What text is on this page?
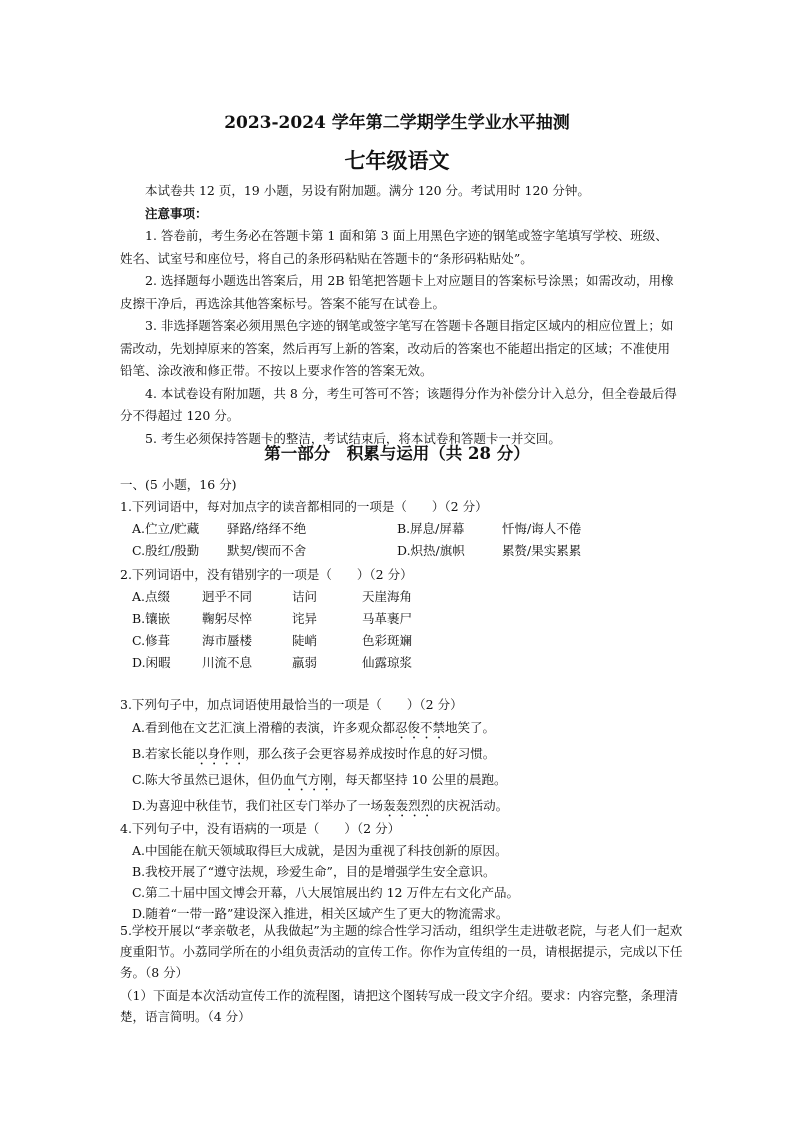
2023-2024 学年第二学期学生学业水平抽测
七年级语文

本试卷共 12 页，19 小题，另设有附加题。满分 120 分。考试用时 120 分钟。

注意事项：

1. 答卷前，考生务必在答题卡第 1 面和第 3 面上用黑色字迹的钢笔或签字笔填写学校、班级、姓名、试室号和座位号，将自己的条形码粘贴在答题卡的“条形码粘贴处”。

2. 选择题每小题选出答案后，用 2B 铅笔把答题卡上对应题目的答案标号涂黑；如需改动，用橡皮擦干净后，再选涂其他答案标号。答案不能写在试卷上。

3. 非选择题答案必须用黑色字迹的钢笔或签字笔写在答题卡各题目指定区域内的相应位置上；如需改动，先划掉原来的答案，然后再写上新的答案，改动后的答案也不能超出指定的区域；不准使用铅笔、涂改液和修正带。不按以上要求作答的答案无效。

4. 本试卷设有附加题，共 8 分，考生可答可不答；该题得分作为补偿分计入总分，但全卷最后得分不得超过 120 分。

5. 考生必须保持答题卡的整洁，考试结束后，将本试卷和答题卡一并交回。

第一部分　积累与运用（共 28 分）
一、(5 小题，16 分)
1.下列词语中，每对加点字的读音都相同的一项是（　　）（2 分）
A.伫立/贮藏 驿路/络绎不绝	B.屏息/屏幕	忏悔/诲人不倦
C.殷红/殷勤 默契/锲而不舍	D.炽热/旗帜	累赘/果实累累
2.下列词语中，没有错别字的一项是（　　）（2 分）
A.点缀	迥乎不同	诘问	天崖海角
B.镶嵌	鞠躬尽悴	诧异	马革裹尸
C.修葺	海市蜃楼	陡峭	色彩斑斓
D.闲暇	川流不息	羸弱	仙露琼浆
3.下列句子中，加点词语使用最恰当的一项是（　　）（2 分）
A.看到他在文艺汇演上滑稽的表演，许多观众都忍俊不禁地笑了。
B.若家长能以身作则，那么孩子会更容易养成按时作息的好习惯。
C.陈大爷虽然已退休，但仍血气方刚，每天都坚持 10 公里的晨跑。
D.为喜迎中秋佳节，我们社区专门举办了一场轰轰烈烈的庆祝活动。
4.下列句子中，没有语病的一项是（　　）（2 分）
A.中国能在航天领域取得巨大成就，是因为重视了科技创新的原因。
B.我校开展了“遵守法规，珍爱生命”，目的是增强学生安全意识。
C.第二十届中国文博会开幕，八大展馆展出约 12 万件左右文化产品。
D.随着“一带一路”建设深入推进，相关区域产生了更大的物流需求。
5.学校开展以“孝亲敬老，从我做起”为主题的综合性学习活动，组织学生走进敬老院，与老人们一起欢度重阳节。小荔同学所在的小组负责活动的宣传工作。你作为宣传组的一员，请根据提示，完成以下任务。（8 分）
（1）下面是本次活动宣传工作的流程图，请把这个图转写成一段文字介绍。要求：内容完整，条理清楚，语言简明。（4 分）
